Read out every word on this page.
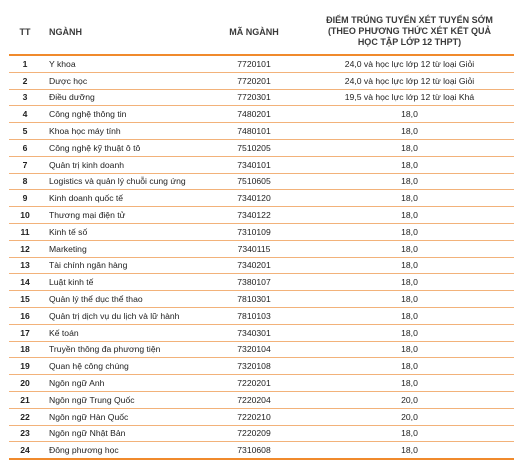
TT	NGÀNH	MÃ NGÀNH	ĐIỂM TRÚNG TUYỂN XÉT TUYỂN SỚM
(THEO PHƯƠNG THỨC XÉT KẾT QUẢ
HỌC TẬP LỚP 12 THPT)

1	Y khoa	7720101	24,0 và học lực lớp 12 từ loại Giỏi
2	Dược học	7720201	24,0 và học lực lớp 12 từ loại Giỏi
3	Điều dưỡng	7720301	19,5 và học lực lớp 12 từ loại Khá
4	Công nghệ thông tin	7480201	18,0
5	Khoa học máy tính	7480101	18,0
6	Công nghệ kỹ thuật ô tô	7510205	18,0
7	Quản trị kinh doanh	7340101	18,0
8	Logistics và quản lý chuỗi cung ứng	7510605	18,0
9	Kinh doanh quốc tế	7340120	18,0
10	Thương mại điện tử	7340122	18,0
11	Kinh tế số	7310109	18,0
12	Marketing	7340115	18,0
13	Tài chính ngân hàng	7340201	18,0
14	Luật kinh tế	7380107	18,0
15	Quản lý thể dục thể thao	7810301	18,0
16	Quản trị dịch vụ du lịch và lữ hành	7810103	18,0
17	Kế toán	7340301	18,0
18	Truyền thông đa phương tiện	7320104	18,0
19	Quan hệ công chúng	7320108	18,0
20	Ngôn ngữ Anh	7220201	18,0
21	Ngôn ngữ Trung Quốc	7220204	20,0
22	Ngôn ngữ Hàn Quốc	7220210	20,0
23	Ngôn ngữ Nhật Bản	7220209	18,0
24	Đông phương học	7310608	18,0
